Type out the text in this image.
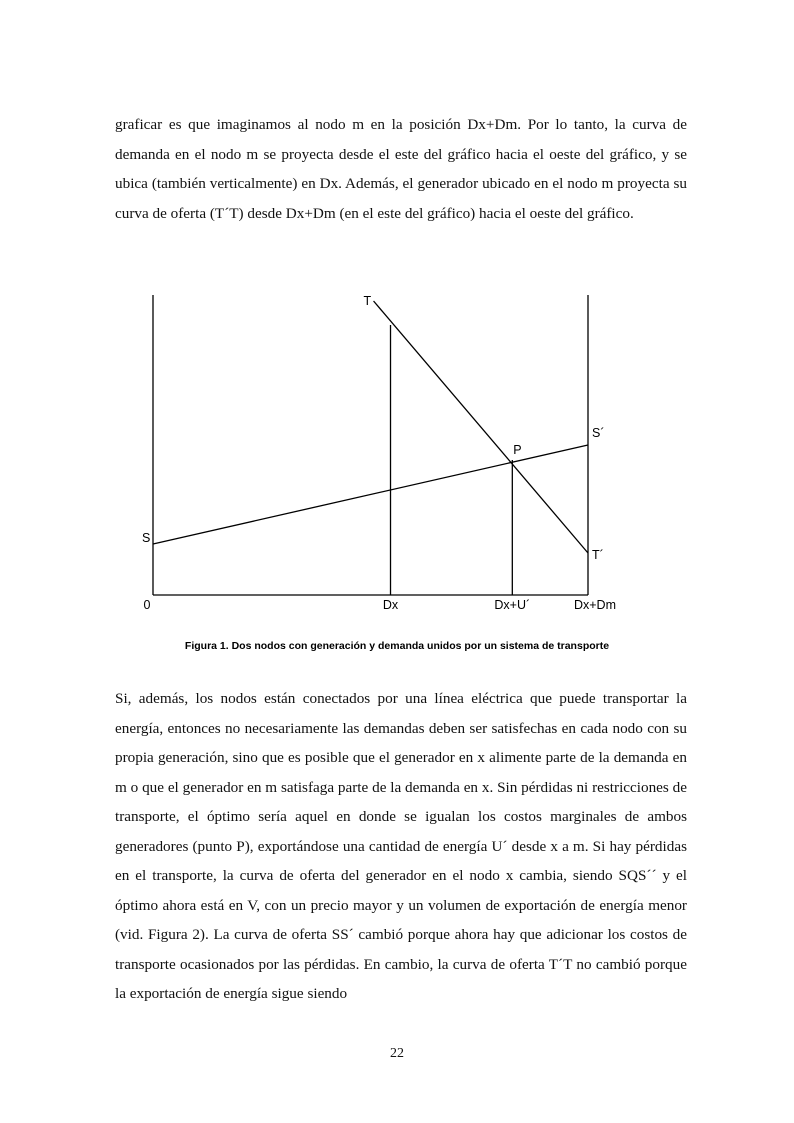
graficar es que imaginamos al nodo m en la posición Dx+Dm. Por lo tanto, la curva de demanda en el nodo m se proyecta desde el este del gráfico hacia el oeste del gráfico, y se ubica (también verticalmente) en Dx. Además, el generador ubicado en el nodo m proyecta su curva de oferta (T´T) desde Dx+Dm (en el este del gráfico) hacia el oeste del gráfico.

S
S´
T
T´
P
0	Dx	Dx+U´	Dx+Dm
Figura 1. Dos nodos con generación y demanda unidos por un sistema de transporte

Si, además, los nodos están conectados por una línea eléctrica que puede transportar la energía, entonces no necesariamente las demandas deben ser satisfechas en cada nodo con su propia generación, sino que es posible que el generador en x alimente parte de la demanda en m o que el generador en m satisfaga parte de la demanda en x. Sin pérdidas ni restricciones de transporte, el óptimo sería aquel en donde se igualan los costos marginales de ambos generadores (punto P), exportándose una cantidad de energía U´ desde x a m. Si hay pérdidas en el transporte, la curva de oferta del generador en el nodo x cambia, siendo SQS´´ y el óptimo ahora está en V, con un precio mayor y un volumen de exportación de energía menor (vid. Figura 2). La curva de oferta SS´ cambió porque ahora hay que adicionar los costos de transporte ocasionados por las pérdidas. En cambio, la curva de oferta T´T no cambió porque la exportación de energía sigue siendo

22
